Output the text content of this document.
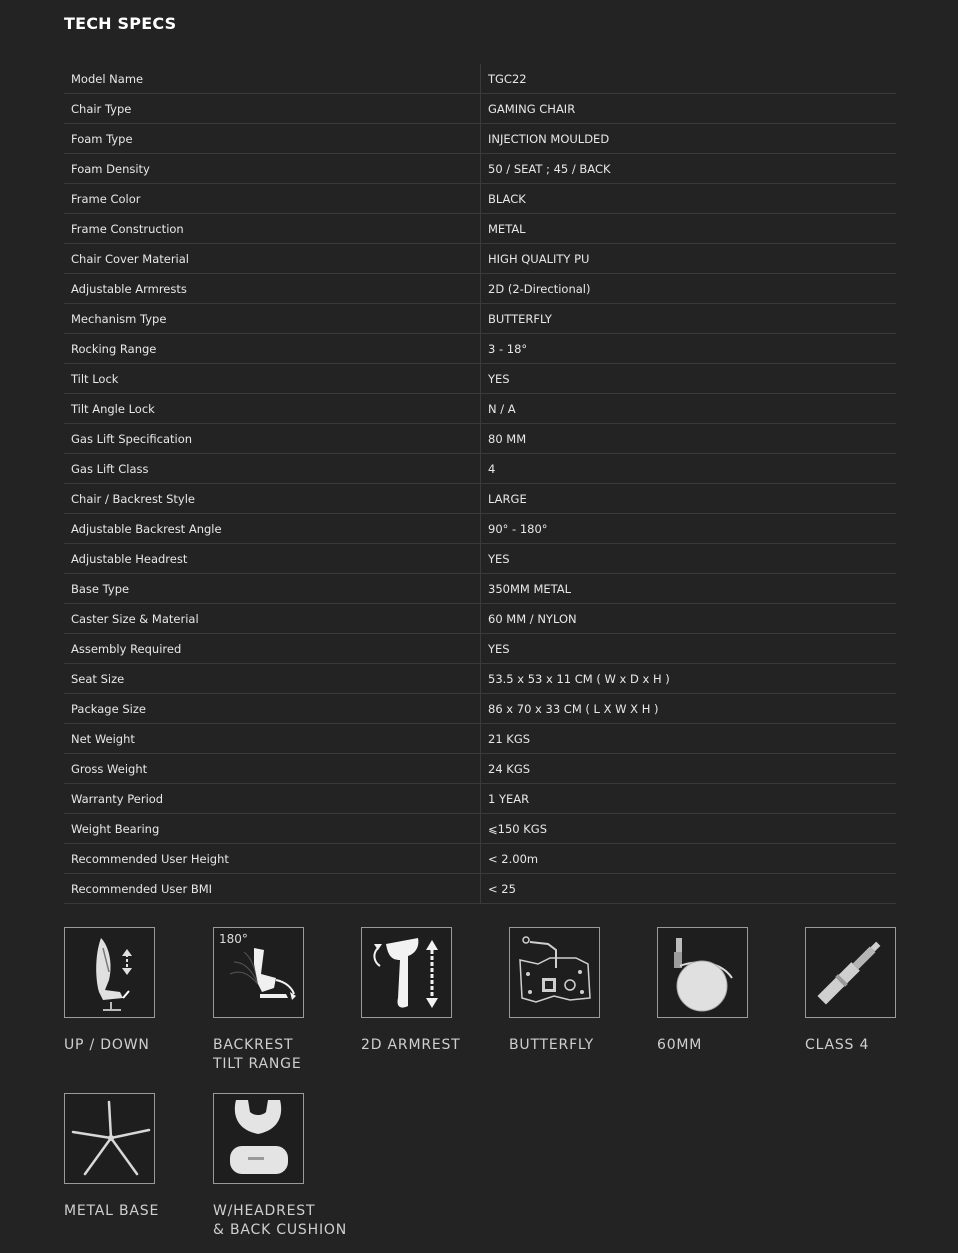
TECH SPECS
Model Name	TGC22
Chair Type	GAMING CHAIR
Foam Type	INJECTION MOULDED
Foam Density	50 / SEAT ; 45 / BACK
Frame Color	BLACK
Frame Construction	METAL
Chair Cover Material	HIGH QUALITY PU
Adjustable Armrests	2D (2-Directional)
Mechanism Type	BUTTERFLY
Rocking Range	3 - 18°
Tilt Lock	YES
Tilt Angle Lock	N / A
Gas Lift Specification	80 MM
Gas Lift Class	4
Chair / Backrest Style	LARGE
Adjustable Backrest Angle	90° - 180°
Adjustable Headrest	YES
Base Type	350MM METAL
Caster Size & Material	60 MM / NYLON
Assembly Required	YES
Seat Size	53.5 x 53 x 11 CM ( W x D x H )
Package Size	86 x 70 x 33 CM ( L X W X H )
Net Weight	21 KGS
Gross Weight	24 KGS
Warranty Period	1 YEAR
Weight Bearing	⩽150 KGS
Recommended User Height	< 2.00m
Recommended User BMI	< 25
UP / DOWN
180°
BACKREST
TILT RANGE
2D ARMREST	BUTTERFLY	60MM	CLASS 4
METAL BASE	W/HEADREST
& BACK CUSHION
